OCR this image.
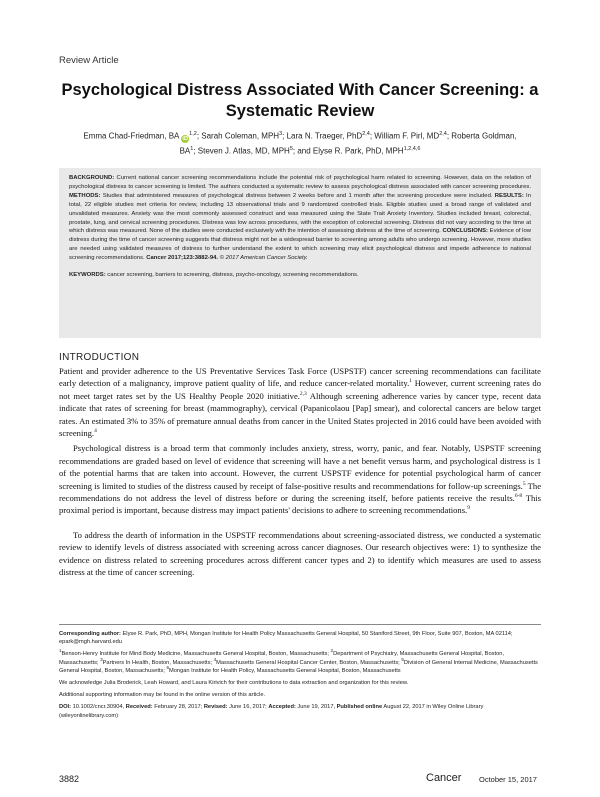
Review Article
Psychological Distress Associated With Cancer Screening: a Systematic Review
Emma Chad-Friedman, BA iD$^{1,2}$; Sarah Coleman, MPH$^3$; Lara N. Traeger, PhD$^{2,4}$; William F. Pirl, MD$^{2,4}$; Roberta Goldman, $BA^1$; Steven J. Atlas, MD, MPH$^5$; and Elyse R. Park, PhD, MPH$^{1,2,4,6}$

BACKGROUND: Current national cancer screening recommendations include the potential risk of psychological harm related to screening. However, data on the relation of psychological distress to cancer screening is limited. The authors conducted a systematic review to assess psychological distress associated with cancer screening procedures. METHODS: Studies that administered measures of psychological distress between 2 weeks before and 1 month after the screening procedure were included. RESULTS: In total, 22 eligible studies met criteria for review, including 13 observational trials and 9 randomized controlled trials. Eligible studies used a broad range of validated and unvalidated measures. Anxiety was the most commonly assessed construct and was measured using the State Trait Anxiety Inventory. Studies included breast, colorectal, prostate, lung, and cervical screening procedures. Distress was low across procedures, with the exception of colorectal screening. Distress did not vary according to the time at which distress was measured. None of the studies were conducted exclusively with the intention of assessing distress at the time of screening. CONCLUSIONS: Evidence of low distress during the time of cancer screening suggests that distress might not be a widespread barrier to screening among adults who undergo screening. However, more studies are needed using validated measures of distress to further understand the extent to which screening may elicit psychological distress and impede adherence to national screening recommendations. Cancer 2017;123:3882-94. © 2017 American Cancer Society.

KEYWORDS: cancer screening, barriers to screening, distress, psycho-oncology, screening recommendations.

INTRODUCTION

Patient and provider adherence to the US Preventative Services Task Force (USPSTF) cancer screening recommendations can facilitate early detection of a malignancy, improve patient quality of life, and reduce cancer-related mortality.$^1$ However, current screening rates do not meet target rates set by the US Healthy People 2020 initiative.$^{2,3}$ Although screening adherence varies by cancer type, recent data indicate that rates of screening for breast (mammography), cervical (Papanicolaou [Pap] smear), and colorectal cancers are below target rates. An estimated 3% to 35% of premature annual deaths from cancer in the United States projected in 2016 could have been avoided with screening.$^4$

Psychological distress is a broad term that commonly includes anxiety, stress, worry, panic, and fear. Notably, USPSTF screening recommendations are graded based on level of evidence that screening will have a net benefit versus harm, and psychological distress is 1 of the potential harms that are taken into account. However, the current USPSTF evidence for potential psychological harm of cancer screening is limited to studies of the distress caused by receipt of false-positive results and recommendations for follow-up screenings.$^5$ The recommendations do not address the level of distress before or during the screening itself, before patients receive the results.$^{6-8}$ This proximal period is important, because distress may impact patients' decisions to adhere to screening recommendations.$^9$

To address the dearth of information in the USPSTF recommendations about screening-associated distress, we conducted a systematic review to identify levels of distress associated with screening across cancer diagnoses. Our research objectives were: 1) to synthesize the evidence on distress related to screening procedures across different cancer types and 2) to identify which measures are used to assess distress at the time of cancer screening.

Corresponding author: Elyse R. Park, PhD, MPH, Mongan Institute for Health Policy Massachusetts General Hospital, 50 Staniford Street, 9th Floor, Suite 907, Boston, MA 02114; epark@mgh.harvard.edu

$^1$Benson-Henry Institute for Mind Body Medicine, Massachusetts General Hospital, Boston, Massachusetts; $^2$Department of Psychiatry, Massachusetts General Hospital, Boston, Massachusetts; $^3$Partners In Health, Boston, Massachusetts; $^4$Massachusetts General Hospital Cancer Center, Boston, Massachusetts; $^5$Division of General Internal Medicine, Massachusetts General Hospital, Boston, Massachusetts; $^6$Mongan Institute for Health Policy, Massachusetts General Hospital, Boston, Massachusetts

We acknowledge Julia Broderick, Leah Howard, and Laura Kirivich for their contributions to data extraction and organization for this review.

Additional supporting information may be found in the online version of this article.

DOI: 10.1002/cncr.30904, Received: February 28, 2017; Revised: June 16, 2017; Accepted: June 19, 2017, Published online August 22, 2017 in Wiley Online Library (wileyonlinelibrary.com)

3882	Cancer October 15, 2017
